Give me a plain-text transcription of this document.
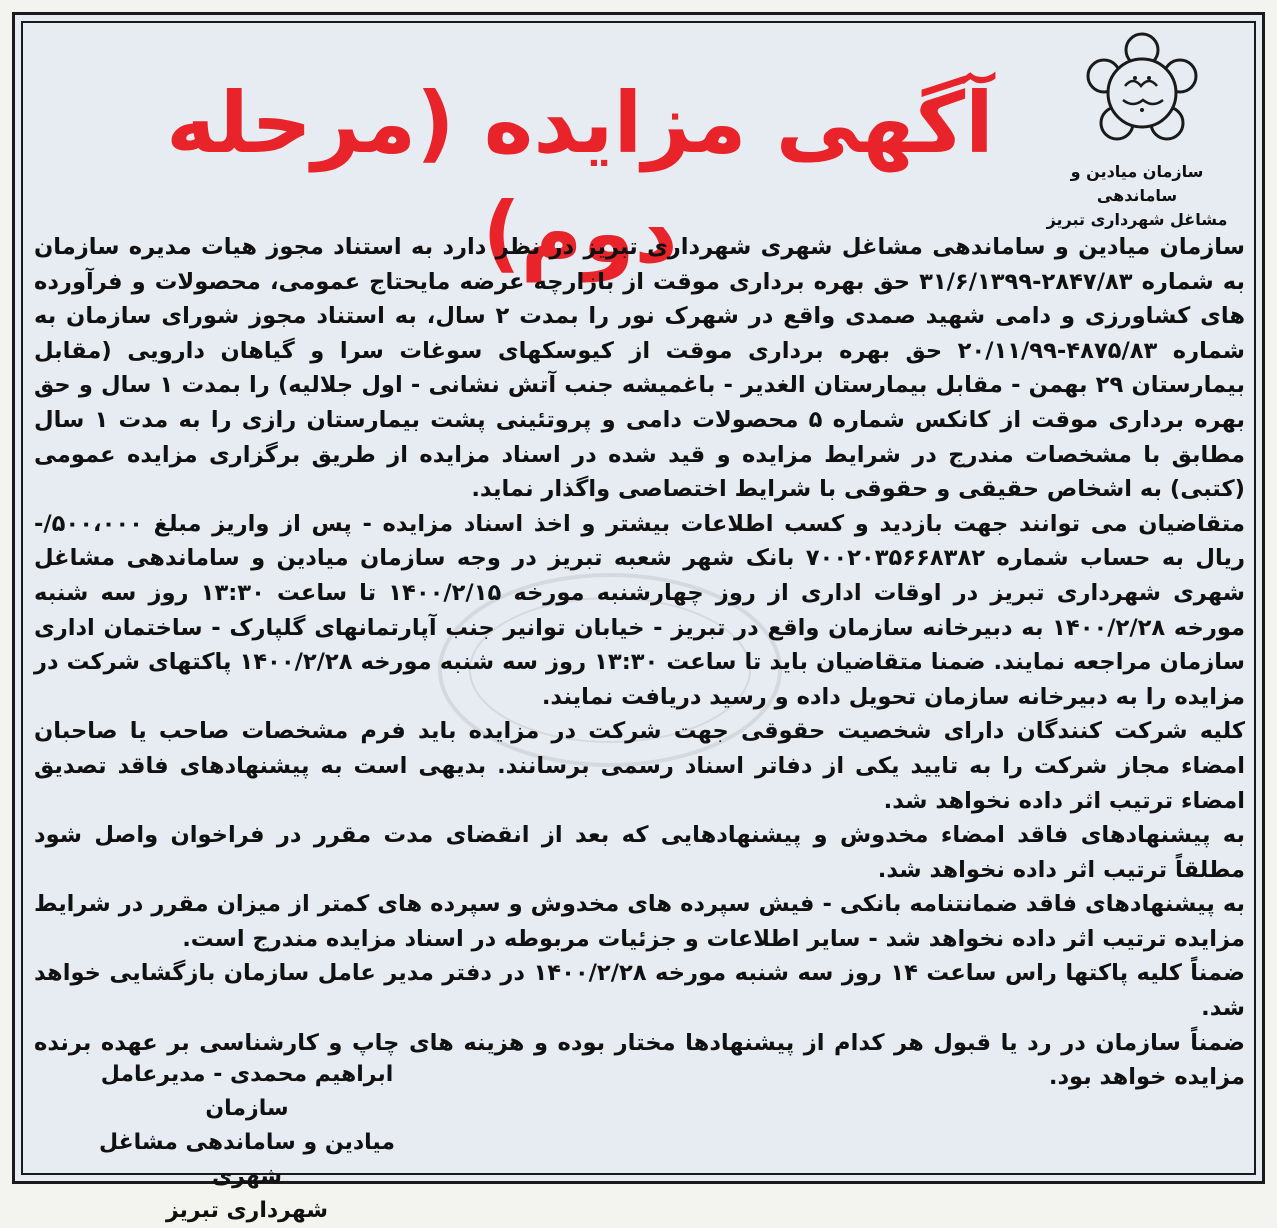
سازمان میادین و ساماندهی
مشاغل شهرداری تبریز
آگهی مزایده (مرحله دوم)

سازمان میادین و ساماندهی مشاغل شهری شهرداری تبریز در نظر دارد به استناد مجوز هیات مدیره سازمان به شماره ۲۸۴۷/۸۳-۳۱/۶/۱۳۹۹ حق بهره برداری موقت از بازارچه عرضه مایحتاج عمومی، محصولات و فرآورده های کشاورزی و دامی شهید صمدی واقع در شهرک نور را بمدت ۲ سال، به استناد مجوز شورای سازمان به شماره ۴۸۷۵/۸۳-۲۰/۱۱/۹۹ حق بهره برداری موقت از کیوسکهای سوغات سرا و گیاهان دارویی (مقابل بیمارستان ۲۹ بهمن - مقابل بیمارستان الغدیر - باغمیشه جنب آتش نشانی - اول جلالیه) را بمدت ۱ سال و حق بهره برداری موقت از کانکس شماره ۵ محصولات دامی و پروتئینی پشت بیمارستان رازی را به مدت ۱ سال مطابق با مشخصات مندرج در شرایط مزایده و قید شده در اسناد مزایده از طریق برگزاری مزایده عمومی (کتبی) به اشخاص حقیقی و حقوقی با شرایط اختصاصی واگذار نماید.

متقاضیان می توانند جهت بازدید و کسب اطلاعات بیشتر و اخذ اسناد مزایده - پس از واریز مبلغ ۵۰۰،۰۰۰/- ریال به حساب شماره ۷۰۰۲۰۳۵۶۶۸۳۸۲ بانک شهر شعبه تبریز در وجه سازمان میادین و ساماندهی مشاغل شهری شهرداری تبریز در اوقات اداری از روز چهارشنبه مورخه ۱۴۰۰/۲/۱۵ تا ساعت ۱۳:۳۰ روز سه شنبه مورخه ۱۴۰۰/۲/۲۸ به دبیرخانه سازمان واقع در تبریز - خیابان توانیر جنب آپارتمانهای گلپارک - ساختمان اداری سازمان مراجعه نمایند. ضمنا متقاضیان باید تا ساعت ۱۳:۳۰ روز سه شنبه مورخه ۱۴۰۰/۲/۲۸ پاکتهای شرکت در مزایده را به دبیرخانه سازمان تحویل داده و رسید دریافت نمایند.

کلیه شرکت کنندگان دارای شخصیت حقوقی جهت شرکت در مزایده باید فرم مشخصات صاحب یا صاحبان امضاء مجاز شرکت را به تایید یکی از دفاتر اسناد رسمی برسانند. بدیهی است به پیشنهادهای فاقد تصدیق امضاء ترتیب اثر داده نخواهد شد.

به پیشنهادهای فاقد امضاء مخدوش و پیشنهادهایی که بعد از انقضای مدت مقرر در فراخوان واصل شود مطلقاً ترتیب اثر داده نخواهد شد.

به پیشنهادهای فاقد ضمانتنامه بانکی - فیش سپرده های مخدوش و سپرده های کمتر از میزان مقرر در شرایط مزایده ترتیب اثر داده نخواهد شد - سایر اطلاعات و جزئیات مربوطه در اسناد مزایده مندرج است.

ضمناً کلیه پاکتها راس ساعت ۱۴ روز سه شنبه مورخه ۱۴۰۰/۲/۲۸ در دفتر مدیر عامل سازمان بازگشایی خواهد شد.

ضمناً سازمان در رد یا قبول هر کدام از پیشنهادها مختار بوده و هزینه های چاپ و کارشناسی بر عهده برنده مزایده خواهد بود.

ابراهیم محمدی - مدیرعامل سازمان
میادین و ساماندهی مشاغل شهری
شهرداری تبریز
